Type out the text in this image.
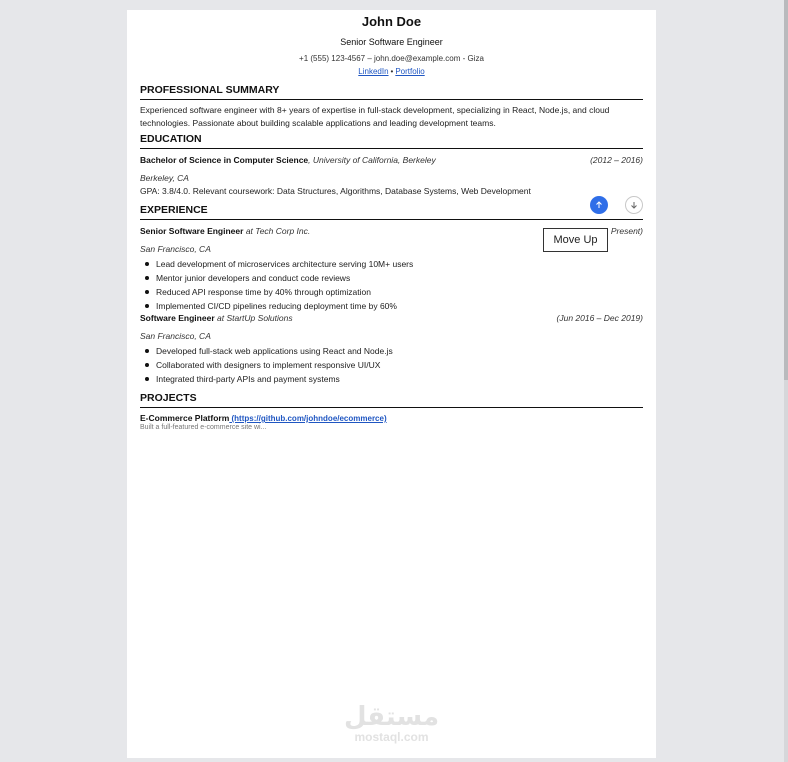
John Doe
Senior Software Engineer
+1 (555) 123-4567 – john.doe@example.com - Giza
LinkedIn • Portfolio
PROFESSIONAL SUMMARY
Experienced software engineer with 8+ years of expertise in full-stack development, specializing in React, Node.js, and cloud technologies. Passionate about building scalable applications and leading development teams.
EDUCATION
Bachelor of Science in Computer Science, University of California, Berkeley	(2012 – 2016)
Berkeley, CA
GPA: 3.8/4.0. Relevant coursework: Data Structures, Algorithms, Database Systems, Web Development
EXPERIENCE
Senior Software Engineer at Tech Corp Inc.	Present)
San Francisco, CA
Lead development of microservices architecture serving 10M+ users
Mentor junior developers and conduct code reviews
Reduced API response time by 40% through optimization
Implemented CI/CD pipelines reducing deployment time by 60%
Software Engineer at StartUp Solutions	(Jun 2016 – Dec 2019)
San Francisco, CA
Developed full-stack web applications using React and Node.js
Collaborated with designers to implement responsive UI/UX
Integrated third-party APIs and payment systems
PROJECTS
E-Commerce Platform (https://github.com/johndoe/ecommerce)
Built a full-featured e-commerce site wi...
Move Up
مستقل
mostaql.com
